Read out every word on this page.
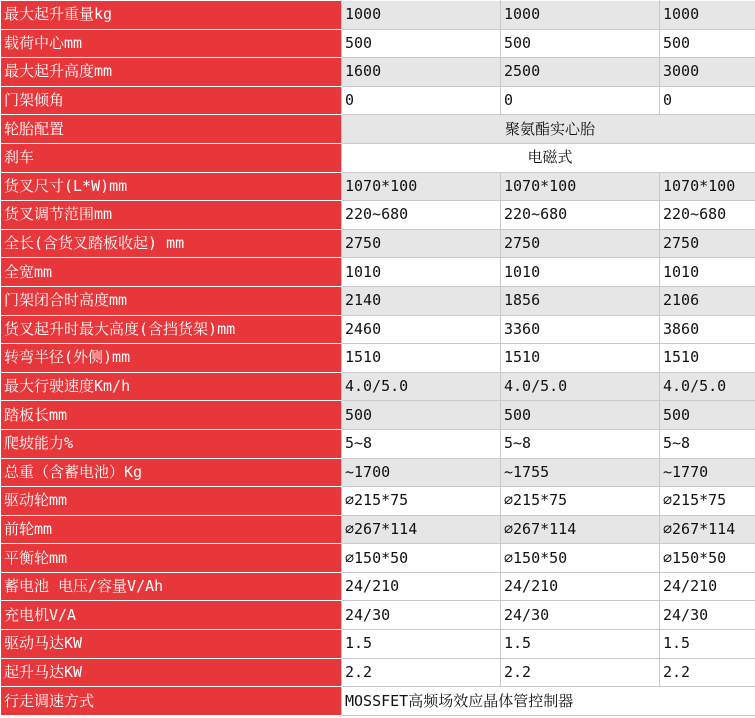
最大起升重量kg	1000	1000	1000
载荷中心mm	500	500	500
最大起升高度mm	1600	2500	3000
门架倾角	0	0	0
轮胎配置	聚氨酯实心胎		
刹车	电磁式		
货叉尺寸(L*W)mm	1070*100	1070*100	1070*100
货叉调节范围mm	220~680	220~680	220~680
全长(含货叉踏板收起) mm	2750	2750	2750
全宽mm	1010	1010	1010
门架闭合时高度mm	2140	1856	2106
货叉起升时最大高度(含挡货架)mm	2460	3360	3860
转弯半径(外侧)mm	1510	1510	1510
最大行驶速度Km/h	4.0/5.0	4.0/5.0	4.0/5.0
踏板长mm	500	500	500
爬坡能力%	5~8	5~8	5~8
总重（含蓄电池）Kg	~1700	~1755	~1770
驱动轮mm	⌀215*75	⌀215*75	⌀215*75
前轮mm	⌀267*114	⌀267*114	⌀267*114
平衡轮mm	⌀150*50	⌀150*50	⌀150*50
蓄电池 电压/容量V/Ah	24/210	24/210	24/210
充电机V/A	24/30	24/30	24/30
驱动马达KW	1.5	1.5	1.5
起升马达KW	2.2	2.2	2.2
行走调速方式	MOSSFET高频场效应晶体管控制器		
